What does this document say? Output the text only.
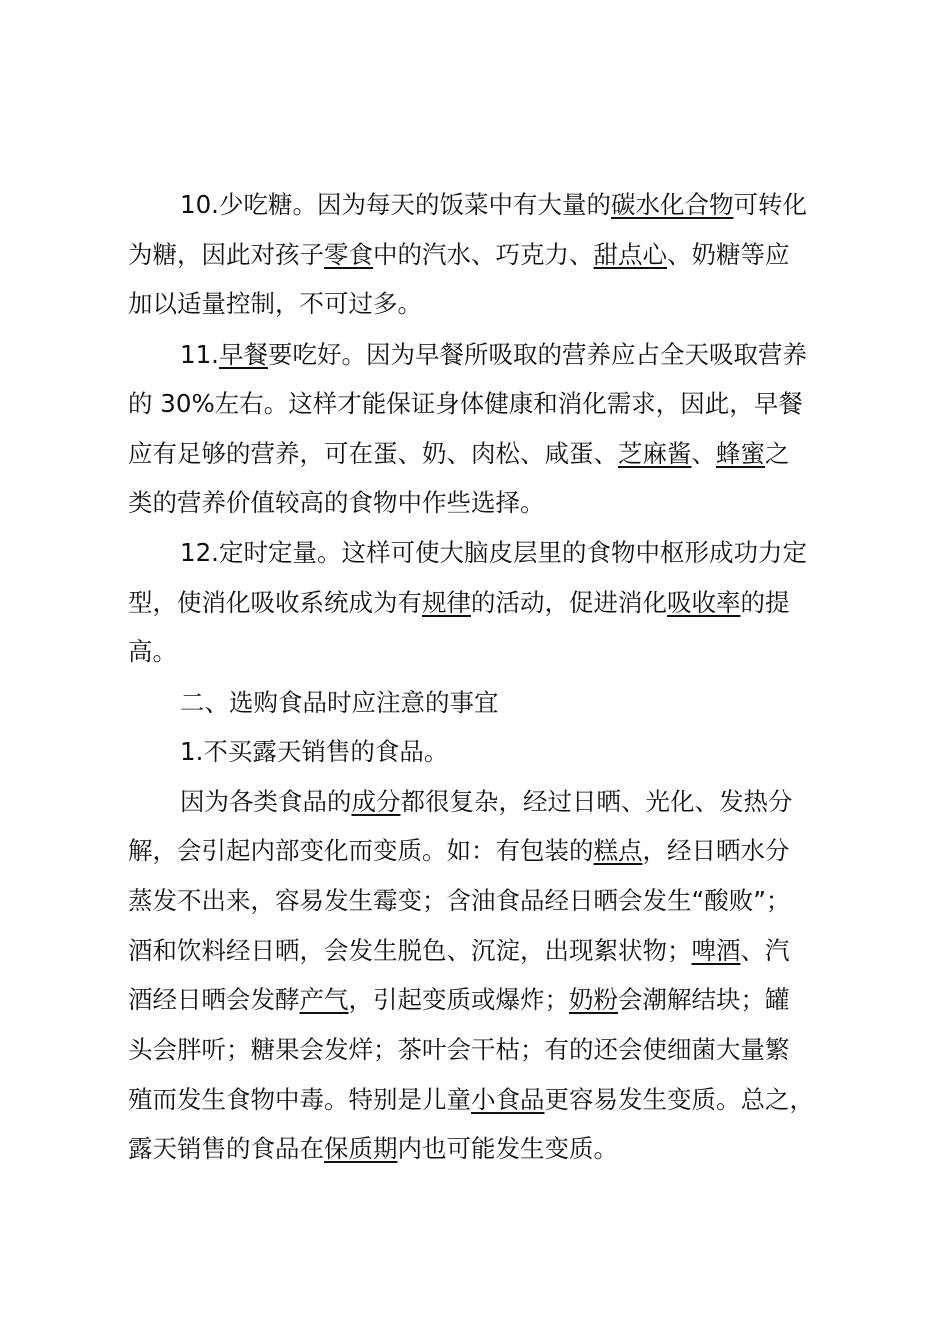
10.少吃糖。因为每天的饭菜中有大量的碳水化合物可转化
为糖，因此对孩子零食中的汽水、巧克力、甜点心、奶糖等应
加以适量控制，不可过多。
11.早餐要吃好。因为早餐所吸取的营养应占全天吸取营养
的 30%左右。这样才能保证身体健康和消化需求，因此，早餐
应有足够的营养，可在蛋、奶、肉松、咸蛋、芝麻酱、蜂蜜之
类的营养价值较高的食物中作些选择。
12.定时定量。这样可使大脑皮层里的食物中枢形成功力定
型，使消化吸收系统成为有规律的活动，促进消化吸收率的提
高。
二、选购食品时应注意的事宜
1.不买露天销售的食品。
因为各类食品的成分都很复杂，经过日晒、光化、发热分
解，会引起内部变化而变质。如：有包装的糕点，经日晒水分
蒸发不出来，容易发生霉变；含油食品经日晒会发生“酸败”；
酒和饮料经日晒，会发生脱色、沉淀，出现絮状物；啤酒、汽
酒经日晒会发酵产气，引起变质或爆炸；奶粉会潮解结块；罐
头会胖听；糖果会发烊；茶叶会干枯；有的还会使细菌大量繁
殖而发生食物中毒。特别是儿童小食品更容易发生变质。总之，
露天销售的食品在保质期内也可能发生变质。
